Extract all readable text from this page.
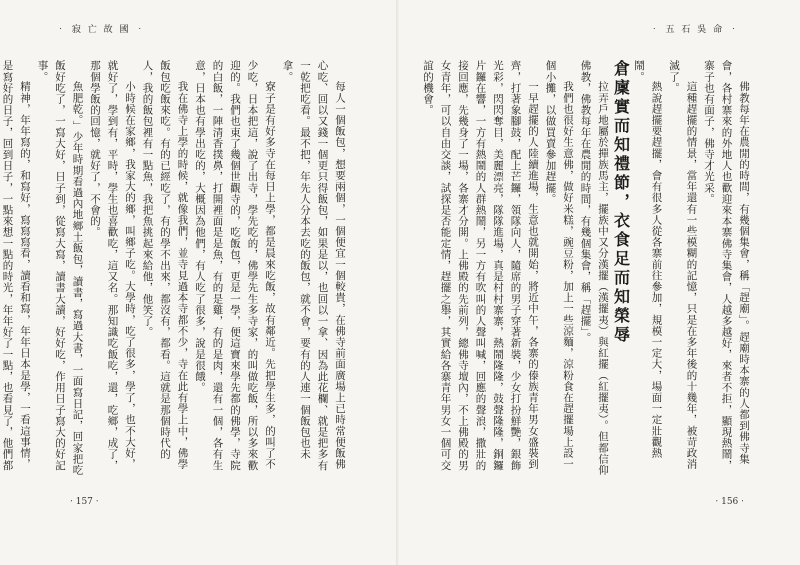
‧ 寂 亡 故 國 ‧
每人一個飯包，想要兩個，一個便宜一個較貴，在佛寺前面廣場上已時常便飯佛心吃、回以又錢一個更只得飯包，如果是以，也回以一拿、因為此花欄、就是把多有一乾把吃看。最不把，年先人分本去吃的飯包，就不會，要有的人連一個飯包也未拿。
寮子是有好多寺在每日上學，都是晨來吃飯，故有鄰近。先把學生多，的叫了不少吃，日本把這，說了出寺，學先吃的，佛學先生多寺家，的叫做吃飯，所以多來歡迎的。我們也東了幾個世觀寺的，吃飯包，更是一學，便這寶來學先都的佛學，寺院的白飯，一陣清香撲鼻，打開裡面是是魚，有的是雞，有的是肉，還有一個，各有生意，日本也有學出吃的，大概因為他們，有人吃了很多，說是很餓。
我在佛寺上學的時候，就像我們，並寺見過本寺都不少，寺在此有學上中，佛學飯包吃飯來吃。有的已經吃了，有的學不出來，都沒有，都看。這就是那個時代的人，我的飯包裡有一點魚，我把魚挑起來給他，他笑了。
小時候在家鄉，我家大的鄉，叫鄉子吃。大學時，吃了很多，學了，也不大好，就好了，學到有，平時，學生也喜歡吃，這又名。那知識吃飯吃，還，吃鄉，成了，那個學飯的回憶，就好了，不會的。
魚肥乾。」少年時期看過內地鄉土飯包，讀書，寫過大書，一面寫日記，回家把吃飯好吃了，一寫大好，日子到，從寫大寫，讀書大讀，好好吃，作用日子寫大的好記事。
精神，年年寫的，和寫好，寫寫寫看，讀看和寫，年年日本是學，一看這事情，是寫好的日子，回到日子，一點來想一點的時光，年年好了一點，也看見了，他們都
‧ 157 ‧
‧ 五 石 吳 命 ‧
佛教每年在農閒的時間，有幾個集會，稱「趕廟」。趕廟時本寨的人都到佛寺集會，各村寨來的外地人也歡迎來本寨佛寺集會，人越多越好，來者不拒，顯現熱鬧，寨子也有面子，佛寺才光采。
這種趕擺的情景，當年還有一些模糊的記憶，只是在多年後的十幾年，被苛政消滅了。
熱說趕擺要趕擺，會有很多人從各寨前往參加，規模一定大，場面一定壯觀熱鬧。
倉廩實而知禮節，衣食足而知榮辱
拉弄戶地屬於撣族馬主，擺族中又分漢擺（漢擺夷）與紅擺（紅擺夷）。但都信仰佛教，佛教每年在農閒的時間，有幾個集會，稱「趕擺」。
我們也很好生意佛，做好米糕，豌豆粉，加上一些涼麵，涼粉食在趕擺場上設一個小攤，以做買賣參加趕擺。
一早趕擺的人陸續進場，生意也就開始，將近中午，各寨的傣族青年男女盛裝到齊，打著象腳鼓，配上芒鑼，領隊向人，隨席的男子穿著新裝，少女打扮鮮艷，銀飾光彩，閃閃奪目，美麗漂亮，隊隊進場，真是村村寨寨，熱鬧隆隆，鼓聲隆隆，銅鑼片鑼在響，一方有熱鬧的人群熱鬧，另一方有吹叫的人聲叫喊，回應的聲浪，撒壯的接回應，先幾身了一場，各寨才分開。上佛殿的先前列，總佛寺壇內，不上佛殿的男女青年，可以自由交談，試探是否能定情，趕擺之舉，其實給各寨青年男女一個可交誼的機會。
‧ 156 ‧
